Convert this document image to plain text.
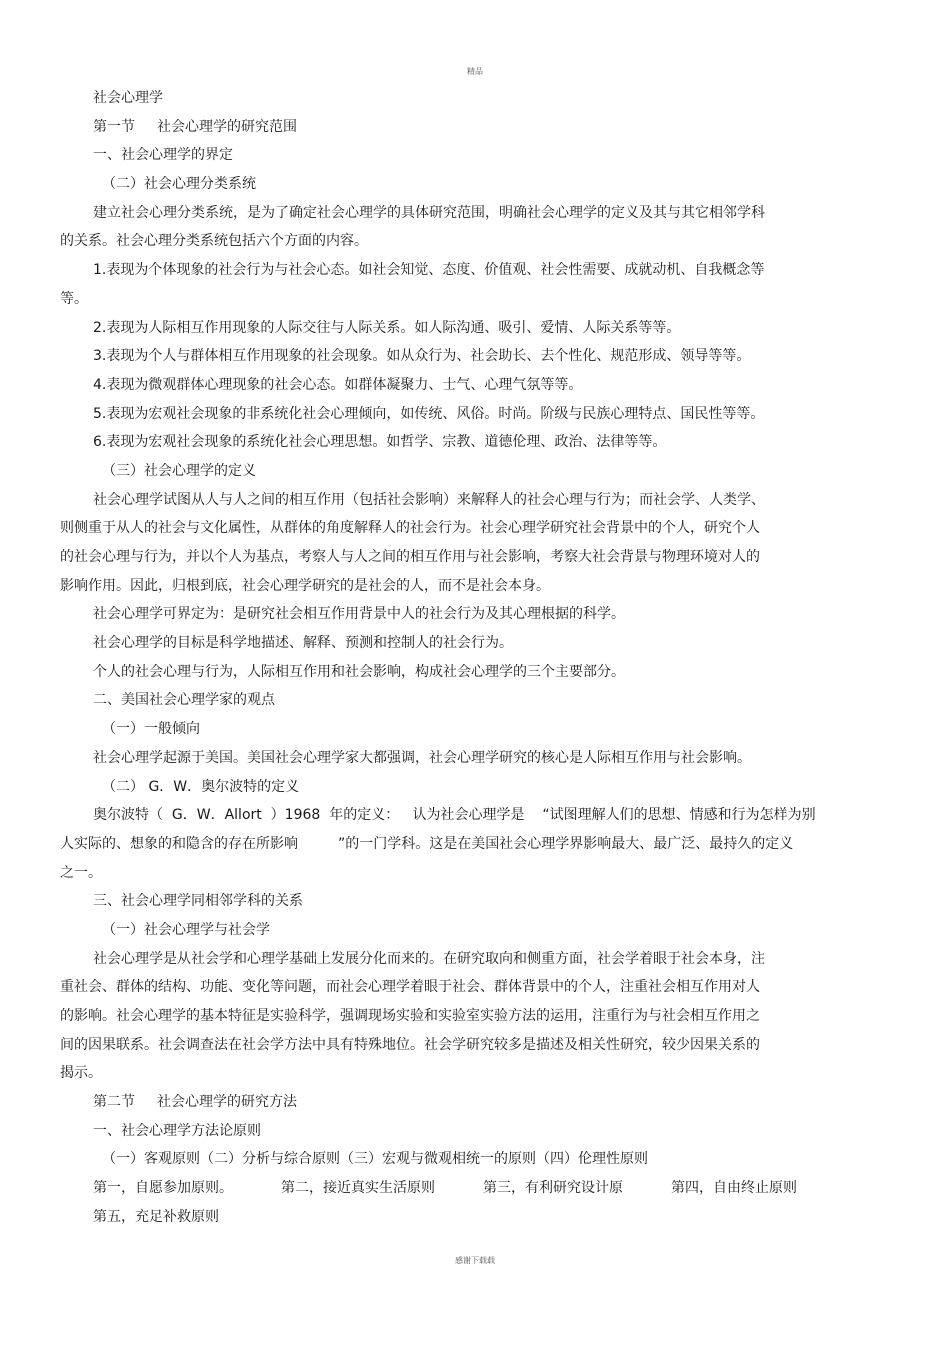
精品
社会心理学
第一节 社会心理学的研究范围
一、社会心理学的界定
（二）社会心理分类系统
建立社会心理分类系统，是为了确定社会心理学的具体研究范围，明确社会心理学的定义及其与其它相邻学科
的关系。社会心理分类系统包括六个方面的内容。
1.表现为个体现象的社会行为与社会心态。如社会知觉、态度、价值观、社会性需要、成就动机、自我概念等
等。
2.表现为人际相互作用现象的人际交往与人际关系。如人际沟通、吸引、爱情、人际关系等等。
3.表现为个人与群体相互作用现象的社会现象。如从众行为、社会助长、去个性化、规范形成、领导等等。
4.表现为微观群体心理现象的社会心态。如群体凝聚力、士气、心理气氛等等。
5.表现为宏观社会现象的非系统化社会心理倾向，如传统、风俗。时尚。阶级与民族心理特点、国民性等等。
6.表现为宏观社会现象的系统化社会心理思想。如哲学、宗教、道德伦理、政治、法律等等。
（三）社会心理学的定义
社会心理学试图从人与人之间的相互作用（包括社会影响）来解释人的社会心理与行为；而社会学、人类学、
则侧重于从人的社会与文化属性，从群体的角度解释人的社会行为。社会心理学研究社会背景中的个人，研究个人
的社会心理与行为，并以个人为基点，考察人与人之间的相互作用与社会影响，考察大社会背景与物理环境对人的
影响作用。因此，归根到底，社会心理学研究的是社会的人，而不是社会本身。
社会心理学可界定为：是研究社会相互作用背景中人的社会行为及其心理根据的科学。
社会心理学的目标是科学地描述、解释、预测和控制人的社会行为。
个人的社会心理与行为，人际相互作用和社会影响，构成社会心理学的三个主要部分。
二、美国社会心理学家的观点
（一）一般倾向
社会心理学起源于美国。美国社会心理学家大都强调，社会心理学研究的核心是人际相互作用与社会影响。
（二） G．W．奥尔波特的定义
奥尔波特（  G．W．Allort  ）1968  年的定义：   认为社会心理学是    “试图理解人们的思想、情感和行为怎样为别
人实际的、想象的和隐含的存在所影响         ”的一门学科。这是在美国社会心理学界影响最大、最广泛、最持久的定义
之一。
三、社会心理学同相邻学科的关系
（一）社会心理学与社会学
社会心理学是从社会学和心理学基础上发展分化而来的。在研究取向和侧重方面，社会学着眼于社会本身，注
重社会、群体的结构、功能、变化等问题，而社会心理学着眼于社会、群体背景中的个人，注重社会相互作用对人
的影响。社会心理学的基本特征是实验科学，强调现场实验和实验室实验方法的运用，注重行为与社会相互作用之
间的因果联系。社会调查法在社会学方法中具有特殊地位。社会学研究较多是描述及相关性研究，较少因果关系的
揭示。
第二节 社会心理学的研究方法
一、社会心理学方法论原则
（一）客观原则（二）分析与综合原则（三）宏观与微观相统一的原则（四）伦理性原则
第一，自愿参加原则。	第二，接近真实生活原则	第三，有利研究设计原	第四，自由终止原则
第五，充足补救原则
感谢下载载
